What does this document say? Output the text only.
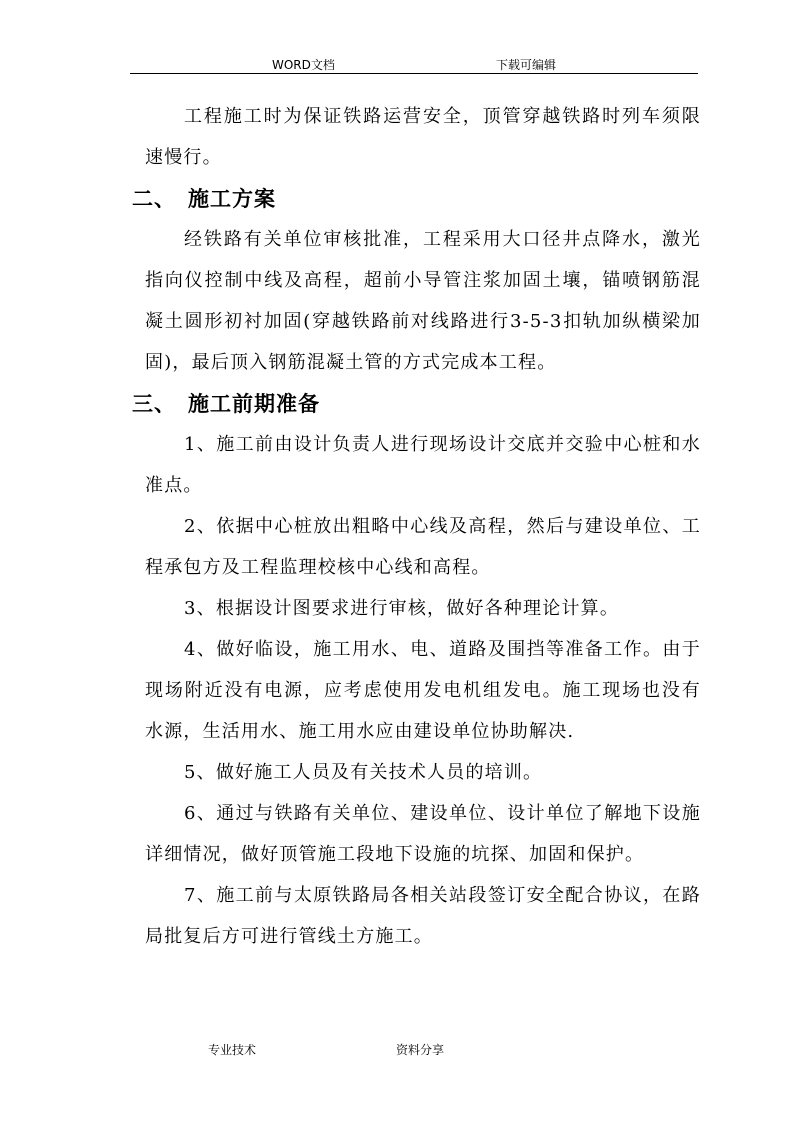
WORD文档	下载可编辑

工程施工时为保证铁路运营安全，顶管穿越铁路时列车须限速慢行。

二、 施工方案

经铁路有关单位审核批准，工程采用大口径井点降水，激光指向仪控制中线及高程，超前小导管注浆加固土壤，锚喷钢筋混凝土圆形初衬加固(穿越铁路前对线路进行3-5-3扣轨加纵横梁加固)，最后顶入钢筋混凝土管的方式完成本工程。

三、 施工前期准备

1、施工前由设计负责人进行现场设计交底并交验中心桩和水准点。

2、依据中心桩放出粗略中心线及高程，然后与建设单位、工程承包方及工程监理校核中心线和高程。

3、根据设计图要求进行审核，做好各种理论计算。

4、做好临设，施工用水、电、道路及围挡等准备工作。由于现场附近没有电源，应考虑使用发电机组发电。施工现场也没有水源，生活用水、施工用水应由建设单位协助解决.

5、做好施工人员及有关技术人员的培训。

6、通过与铁路有关单位、建设单位、设计单位了解地下设施详细情况，做好顶管施工段地下设施的坑探、加固和保护。

7、施工前与太原铁路局各相关站段签订安全配合协议，在路局批复后方可进行管线土方施工。

专业技术	资料分享
